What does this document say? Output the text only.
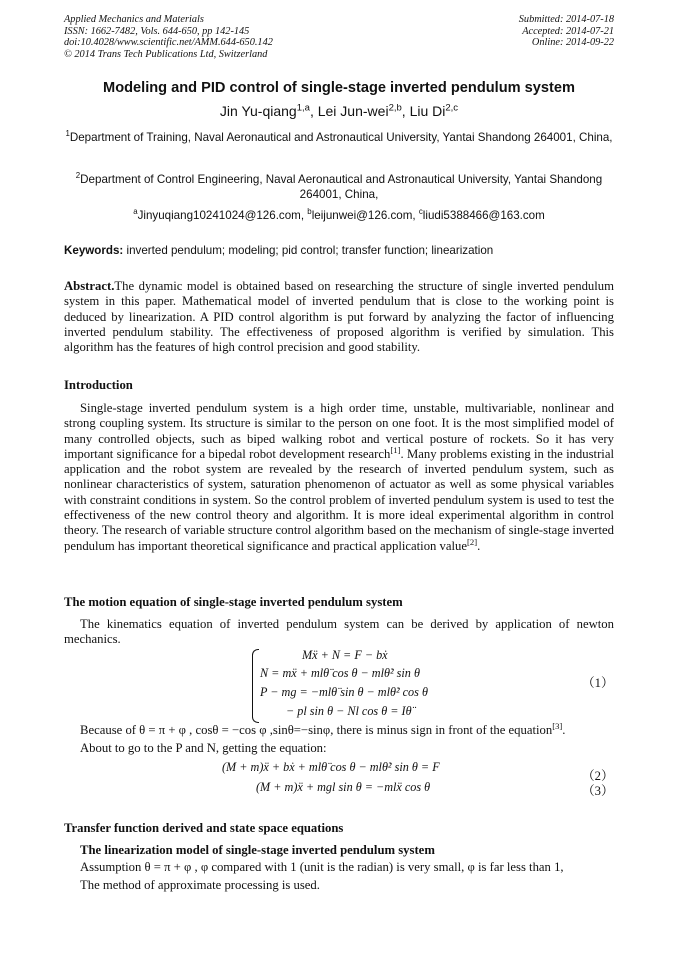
Applied Mechanics and Materials
ISSN: 1662-7482, Vols. 644-650, pp 142-145
doi:10.4028/www.scientific.net/AMM.644-650.142
© 2014 Trans Tech Publications Ltd, Switzerland
Submitted: 2014-07-18
Accepted: 2014-07-21
Online: 2014-09-22
Modeling and PID control of single-stage inverted pendulum system
Jin Yu-qiang$^{1,a}$, Lei Jun-wei$^{2,b}$, Liu Di$^{2,c}$
$^1$Department of Training, Naval Aeronautical and Astronautical University, Yantai Shandong 264001, China,
$^2$Department of Control Engineering, Naval Aeronautical and Astronautical University, Yantai Shandong 264001, China,
$^a$Jinyuqiang10241024@126.com, $^b$leijunwei@126.com, $^c$liudi5388466@163.com
Keywords: inverted pendulum; modeling; pid control; transfer function; linearization
Abstract.The dynamic model is obtained based on researching the structure of single inverted pendulum system in this paper. Mathematical model of inverted pendulum that is close to the working point is deduced by linearization. A PID control algorithm is put forward by analyzing the factor of influencing inverted pendulum stability. The effectiveness of proposed algorithm is verified by simulation. This algorithm has the features of high control precision and good stability.
Introduction
Single-stage inverted pendulum system is a high order time, unstable, multivariable, nonlinear and strong coupling system. Its structure is similar to the person on one foot. It is the most simplified model of many controlled objects, such as biped walking robot and vertical posture of rockets. So it has very important significance for a bipedal robot development research[1]. Many problems existing in the industrial application and the robot system are revealed by the research of inverted pendulum system, such as nonlinear characteristics of system, saturation phenomenon of actuator as well as some physical variables with constraint conditions in system. So the control problem of inverted pendulum system is used to test the effectiveness of the new control theory and algorithm. It is more ideal experimental algorithm in control theory. The research of variable structure control algorithm based on the mechanism of single-stage inverted pendulum has important theoretical significance and practical application value[2].
The motion equation of single-stage inverted pendulum system
The kinematics equation of inverted pendulum system can be derived by application of newton mechanics.
Mẍ + N = F − bẋ
N = mẍ + mlθ̈ cos θ − mlθ̇² sin θ
P − mg = −mlθ̈ sin θ − mlθ̇² cos θ
− pl sin θ − Nl cos θ = Iθ̈
（1）
Because of θ = π + φ , cosθ = −cos φ ,sinθ=−sinφ, there is minus sign in front of the equation[3].
About to go to the P and N, getting the equation:
(M + m)ẍ + bẋ + mlθ̈ cos θ − mlθ̇² sin θ = F
（2）
(M + m)ẍ + mgl sin θ = −mlẍ cos θ	（3）
Transfer function derived and state space equations
The linearization model of single-stage inverted pendulum system
Assumption θ = π + φ , φ compared with 1 (unit is the radian) is very small, φ is far less than 1,
The method of approximate processing is used.
